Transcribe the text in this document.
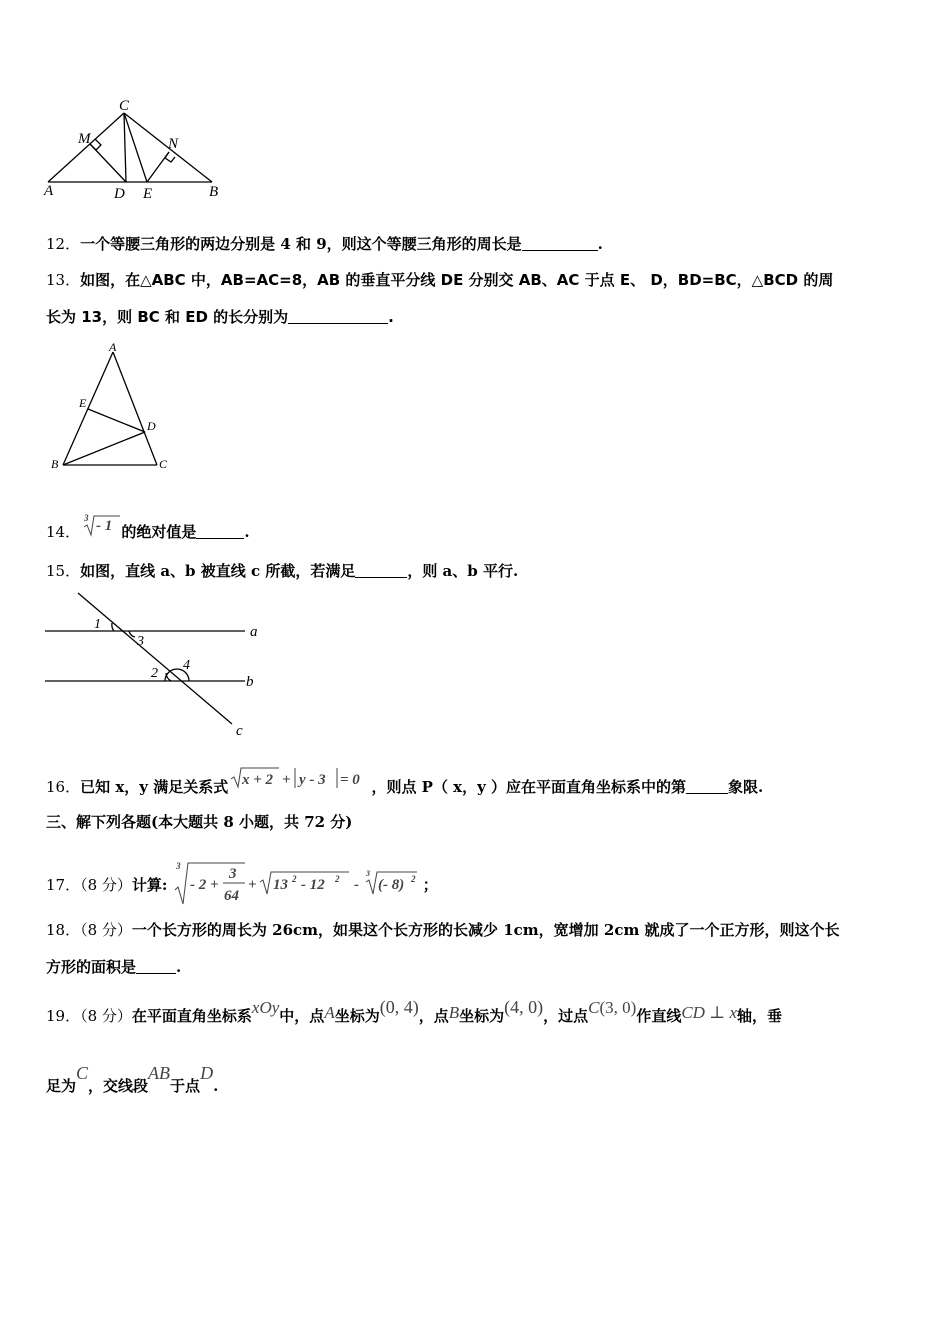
C
M	N
A	D E	B
12．一个等腰三角形的两边分别是 4 和 9，则这个等腰三角形的周长是	.
13．如图，在△ABC 中，AB=AC=8，AB 的垂直平分线 DE 分别交 AB、AC 于点 E、 D，BD=BC，△BCD 的周
长为 13，则 BC 和 ED 的长分别为	.
A
E
D
B	C
14．
3 - 1 的绝对值是	.
15．如图，直线 a、b 被直线 c 所截，若满足	，则 a、b 平行.
1
3
2
4
a
b
c
16．已知 x，y 满足关系式 x + 2 + y - 3 = 0 ，则点 P（ x，y ）应在平面直角坐标系中的第	象限.
三、解下列各题(本大题共 8 小题，共 72 分)
17．（8 分）计算:
3
- 2 +
3
64
+ 13 2 - 12 2 -
3
(- 8) 2 ；
18．（8 分）一个长方形的周长为 26cm，如果这个长方形的长减少 1cm，宽增加 2cm 就成了一个正方形，则这个长
方形的面积是	.
19．（8 分）在平面直角坐标系xOy中，点A坐标为(0, 4)，点B坐标为(4, 0)，过点C(3, 0)作直线CD ⊥ x轴，垂
足为C，交线段AB于点D.
